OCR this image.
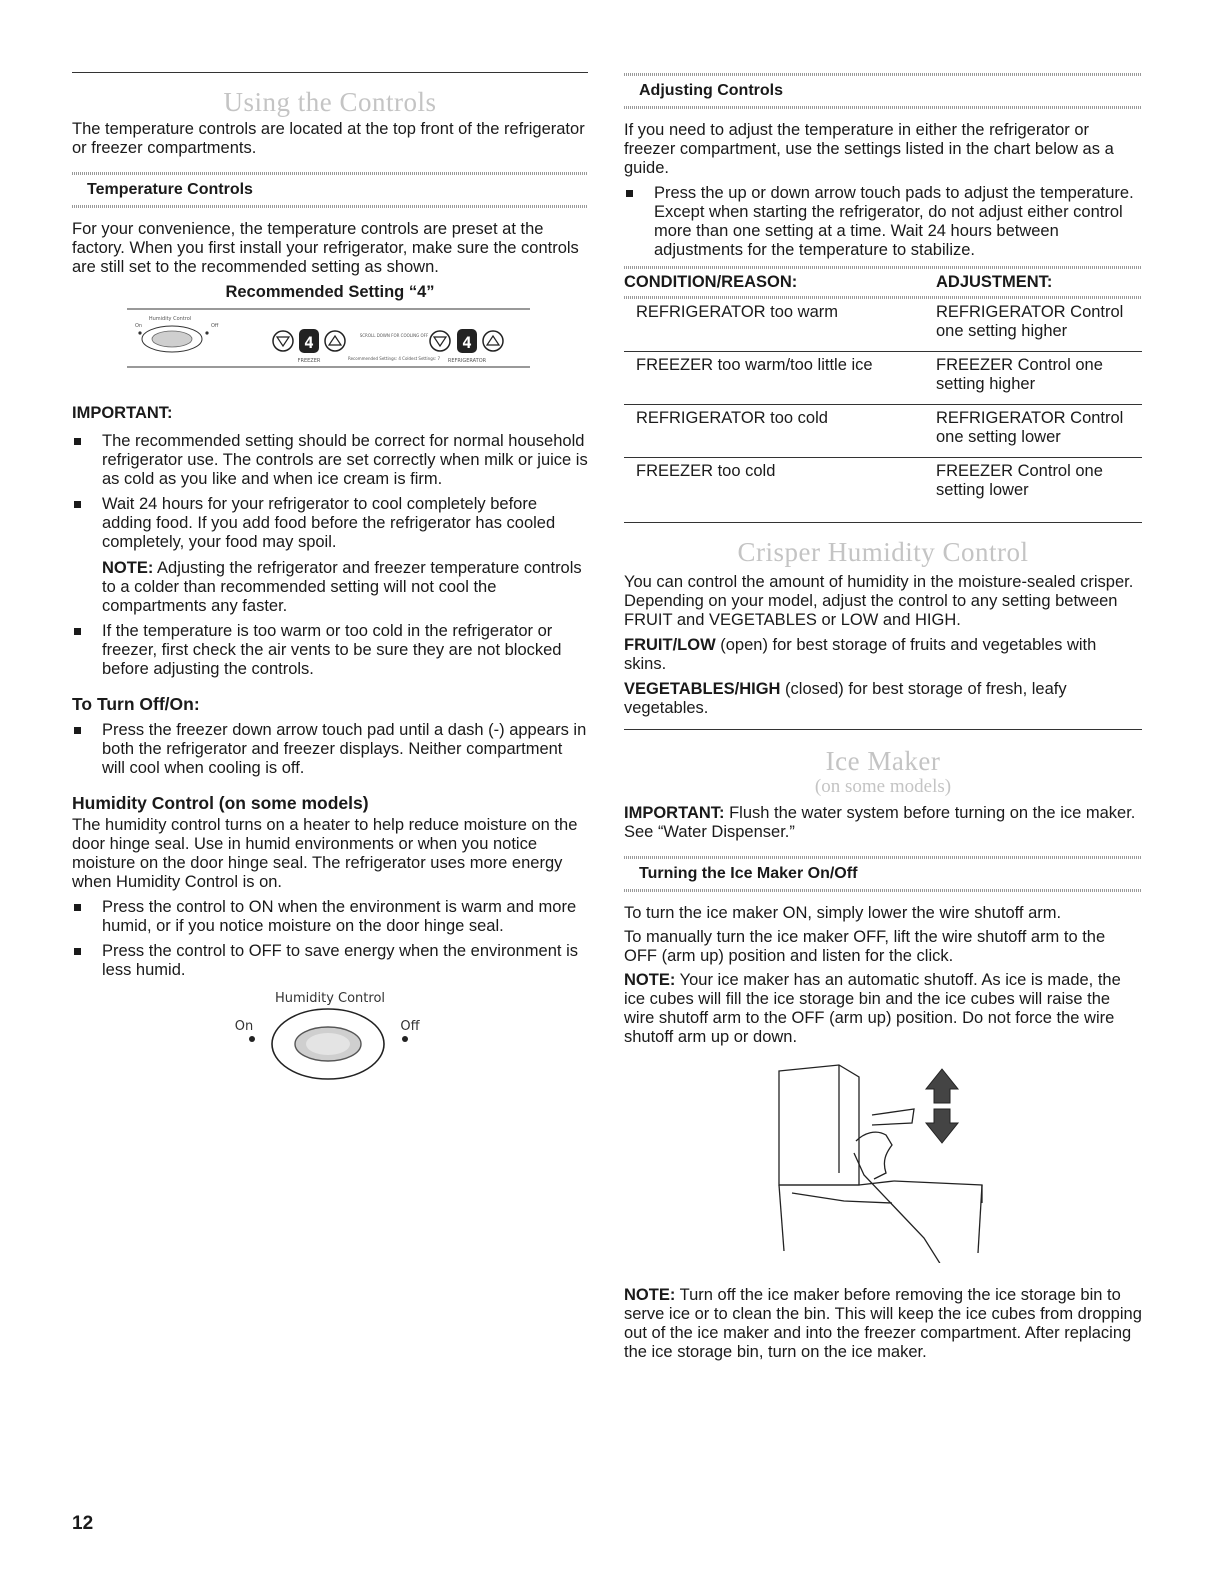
Using the Controls

The temperature controls are located at the top front of the refrigerator or freezer compartments.

Temperature Controls

For your convenience, the temperature controls are preset at the factory. When you first install your refrigerator, make sure the controls are still set to the recommended setting as shown.

Recommended Setting “4”
Humidity Control
On	Off
4
FREEZER
SCROLL DOWN FOR COOLING OFF
Recommended Settings: 4 Coldest Settings: 7
4
REFRIGERATOR
IMPORTANT:
The recommended setting should be correct for normal household refrigerator use. The controls are set correctly when milk or juice is as cold as you like and when ice cream is firm.
Wait 24 hours for your refrigerator to cool completely before adding food. If you add food before the refrigerator has cooled completely, your food may spoil.

NOTE: Adjusting the refrigerator and freezer temperature controls to a colder than recommended setting will not cool the compartments any faster.

If the temperature is too warm or too cold in the refrigerator or freezer, first check the air vents to be sure they are not blocked before adjusting the controls.
To Turn Off/On:
Press the freezer down arrow touch pad until a dash (-) appears in both the refrigerator and freezer displays. Neither compartment will cool when cooling is off.
Humidity Control (on some models)

The humidity control turns on a heater to help reduce moisture on the door hinge seal. Use in humid environments or when you notice moisture on the door hinge seal. The refrigerator uses more energy when Humidity Control is on.

Press the control to ON when the environment is warm and more humid, or if you notice moisture on the door hinge seal.
Press the control to OFF to save energy when the environment is less humid.
Humidity Control
On	Off
Adjusting Controls

If you need to adjust the temperature in either the refrigerator or freezer compartment, use the settings listed in the chart below as a guide.

Press the up or down arrow touch pads to adjust the temperature. Except when starting the refrigerator, do not adjust either control more than one setting at a time. Wait 24 hours between adjustments for the temperature to stabilize.
CONDITION/REASON:	ADJUSTMENT:

REFRIGERATOR too warm	REFRIGERATOR Control one setting higher
FREEZER too warm/too little ice	FREEZER Control one setting higher
REFRIGERATOR too cold	REFRIGERATOR Control one setting lower
FREEZER too cold	FREEZER Control one setting lower
Crisper Humidity Control

You can control the amount of humidity in the moisture-sealed crisper. Depending on your model, adjust the control to any setting between FRUIT and VEGETABLES or LOW and HIGH.

FRUIT/LOW (open) for best storage of fruits and vegetables with skins.

VEGETABLES/HIGH (closed) for best storage of fresh, leafy vegetables.

Ice Maker
(on some models)

IMPORTANT: Flush the water system before turning on the ice maker. See “Water Dispenser.”

Turning the Ice Maker On/Off

To turn the ice maker ON, simply lower the wire shutoff arm.

To manually turn the ice maker OFF, lift the wire shutoff arm to the OFF (arm up) position and listen for the click.

NOTE: Your ice maker has an automatic shutoff. As ice is made, the ice cubes will fill the ice storage bin and the ice cubes will raise the wire shutoff arm to the OFF (arm up) position. Do not force the wire shutoff arm up or down.

NOTE: Turn off the ice maker before removing the ice storage bin to serve ice or to clean the bin. This will keep the ice cubes from dropping out of the ice maker and into the freezer compartment. After replacing the ice storage bin, turn on the ice maker.

12
